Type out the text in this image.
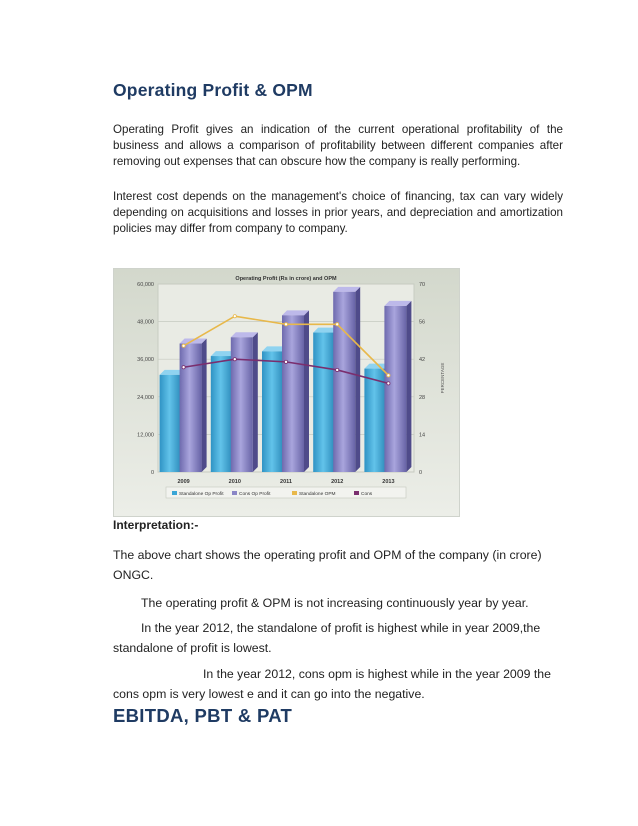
Operating Profit & OPM
Operating Profit gives an indication of the current operational profitability of the business and allows a comparison of profitability between different companies after removing out expenses that can obscure how the company is really performing.
Interest cost depends on the management's choice of financing, tax can vary widely depending on acquisitions and losses in prior years, and depreciation and amortization policies may differ from company to company.
Operating Profit (Rs in crore) and OPM
0
12,000
24,000
36,000
48,000
60,000
0
14
28
42
56
70
PERCENTAGE
2009	2010	2011	2012	2013
Standalone Op Profit	Cons Op Profit	Standalone OPM	Cons
Interpretation:-
The above chart shows the operating profit and OPM of the company (in crore) ONGC.
The operating profit & OPM is not increasing continuously year by year.
In the year 2012, the standalone of profit is highest while in year 2009,the standalone of profit is lowest.
In the year 2012, cons opm is highest while in the year 2009 the cons opm is very lowest e and it can go into the negative.
EBITDA, PBT & PAT
